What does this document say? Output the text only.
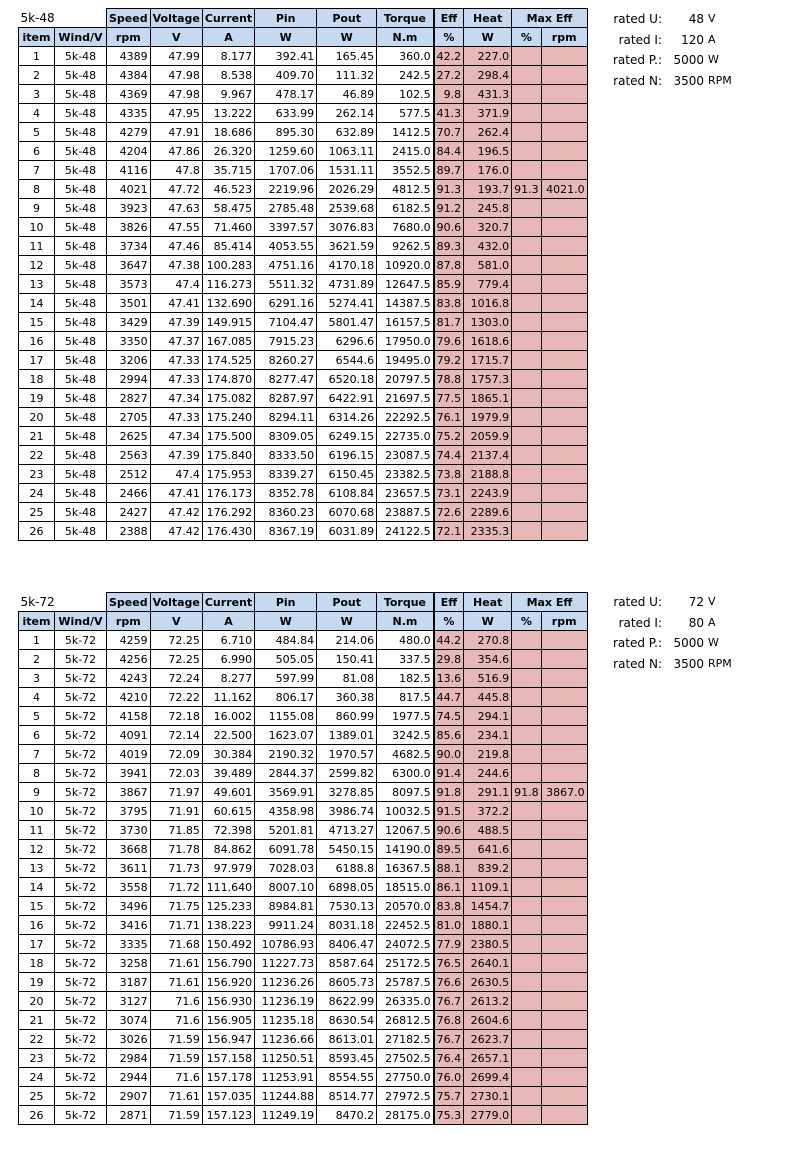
5k-48		Speed	Voltage	Current	Pin	Pout	Torque	Eff	Heat	Max Eff	
item	Wind/V	rpm	V	A	W	W	N.m	%	W	%	rpm
1	5k-48	4389	47.99	8.177	392.41	165.45	360.0	42.2	227.0		
2	5k-48	4384	47.98	8.538	409.70	111.32	242.5	27.2	298.4		
3	5k-48	4369	47.98	9.967	478.17	46.89	102.5	9.8	431.3		
4	5k-48	4335	47.95	13.222	633.99	262.14	577.5	41.3	371.9		
5	5k-48	4279	47.91	18.686	895.30	632.89	1412.5	70.7	262.4		
6	5k-48	4204	47.86	26.320	1259.60	1063.11	2415.0	84.4	196.5		
7	5k-48	4116	47.8	35.715	1707.06	1531.11	3552.5	89.7	176.0		
8	5k-48	4021	47.72	46.523	2219.96	2026.29	4812.5	91.3	193.7	91.3	4021.0
9	5k-48	3923	47.63	58.475	2785.48	2539.68	6182.5	91.2	245.8		
10	5k-48	3826	47.55	71.460	3397.57	3076.83	7680.0	90.6	320.7		
11	5k-48	3734	47.46	85.414	4053.55	3621.59	9262.5	89.3	432.0		
12	5k-48	3647	47.38	100.283	4751.16	4170.18	10920.0	87.8	581.0		
13	5k-48	3573	47.4	116.273	5511.32	4731.89	12647.5	85.9	779.4		
14	5k-48	3501	47.41	132.690	6291.16	5274.41	14387.5	83.8	1016.8		
15	5k-48	3429	47.39	149.915	7104.47	5801.47	16157.5	81.7	1303.0		
16	5k-48	3350	47.37	167.085	7915.23	6296.6	17950.0	79.6	1618.6		
17	5k-48	3206	47.33	174.525	8260.27	6544.6	19495.0	79.2	1715.7		
18	5k-48	2994	47.33	174.870	8277.47	6520.18	20797.5	78.8	1757.3		
19	5k-48	2827	47.34	175.082	8287.97	6422.91	21697.5	77.5	1865.1		
20	5k-48	2705	47.33	175.240	8294.11	6314.26	22292.5	76.1	1979.9		
21	5k-48	2625	47.34	175.500	8309.05	6249.15	22735.0	75.2	2059.9		
22	5k-48	2563	47.39	175.840	8333.50	6196.15	23087.5	74.4	2137.4		
23	5k-48	2512	47.4	175.953	8339.27	6150.45	23382.5	73.8	2188.8		
24	5k-48	2466	47.41	176.173	8352.78	6108.84	23657.5	73.1	2243.9		
25	5k-48	2427	47.42	176.292	8360.23	6070.68	23887.5	72.6	2289.6		
26	5k-48	2388	47.42	176.430	8367.19	6031.89	24122.5	72.1	2335.3		
rated U:	48 V
rated I:	120 A
rated P.: 5000 W
rated N: 3500 RPM
5k-72		Speed	Voltage	Current	Pin	Pout	Torque	Eff	Heat	Max Eff	
item	Wind/V	rpm	V	A	W	W	N.m	%	W	%	rpm
1	5k-72	4259	72.25	6.710	484.84	214.06	480.0	44.2	270.8		
2	5k-72	4256	72.25	6.990	505.05	150.41	337.5	29.8	354.6		
3	5k-72	4243	72.24	8.277	597.99	81.08	182.5	13.6	516.9		
4	5k-72	4210	72.22	11.162	806.17	360.38	817.5	44.7	445.8		
5	5k-72	4158	72.18	16.002	1155.08	860.99	1977.5	74.5	294.1		
6	5k-72	4091	72.14	22.500	1623.07	1389.01	3242.5	85.6	234.1		
7	5k-72	4019	72.09	30.384	2190.32	1970.57	4682.5	90.0	219.8		
8	5k-72	3941	72.03	39.489	2844.37	2599.82	6300.0	91.4	244.6		
9	5k-72	3867	71.97	49.601	3569.91	3278.85	8097.5	91.8	291.1	91.8	3867.0
10	5k-72	3795	71.91	60.615	4358.98	3986.74	10032.5	91.5	372.2		
11	5k-72	3730	71.85	72.398	5201.81	4713.27	12067.5	90.6	488.5		
12	5k-72	3668	71.78	84.862	6091.78	5450.15	14190.0	89.5	641.6		
13	5k-72	3611	71.73	97.979	7028.03	6188.8	16367.5	88.1	839.2		
14	5k-72	3558	71.72	111.640	8007.10	6898.05	18515.0	86.1	1109.1		
15	5k-72	3496	71.75	125.233	8984.81	7530.13	20570.0	83.8	1454.7		
16	5k-72	3416	71.71	138.223	9911.24	8031.18	22452.5	81.0	1880.1		
17	5k-72	3335	71.68	150.492	10786.93	8406.47	24072.5	77.9	2380.5		
18	5k-72	3258	71.61	156.790	11227.73	8587.64	25172.5	76.5	2640.1		
19	5k-72	3187	71.61	156.920	11236.26	8605.73	25787.5	76.6	2630.5		
20	5k-72	3127	71.6	156.930	11236.19	8622.99	26335.0	76.7	2613.2		
21	5k-72	3074	71.6	156.905	11235.18	8630.54	26812.5	76.8	2604.6		
22	5k-72	3026	71.59	156.947	11236.66	8613.01	27182.5	76.7	2623.7		
23	5k-72	2984	71.59	157.158	11250.51	8593.45	27502.5	76.4	2657.1		
24	5k-72	2944	71.6	157.178	11253.91	8554.55	27750.0	76.0	2699.4		
25	5k-72	2907	71.61	157.035	11244.88	8514.77	27972.5	75.7	2730.1		
26	5k-72	2871	71.59	157.123	11249.19	8470.2	28175.0	75.3	2779.0		
rated U:	72 V
rated I:	80 A
rated P.: 5000 W
rated N: 3500 RPM
